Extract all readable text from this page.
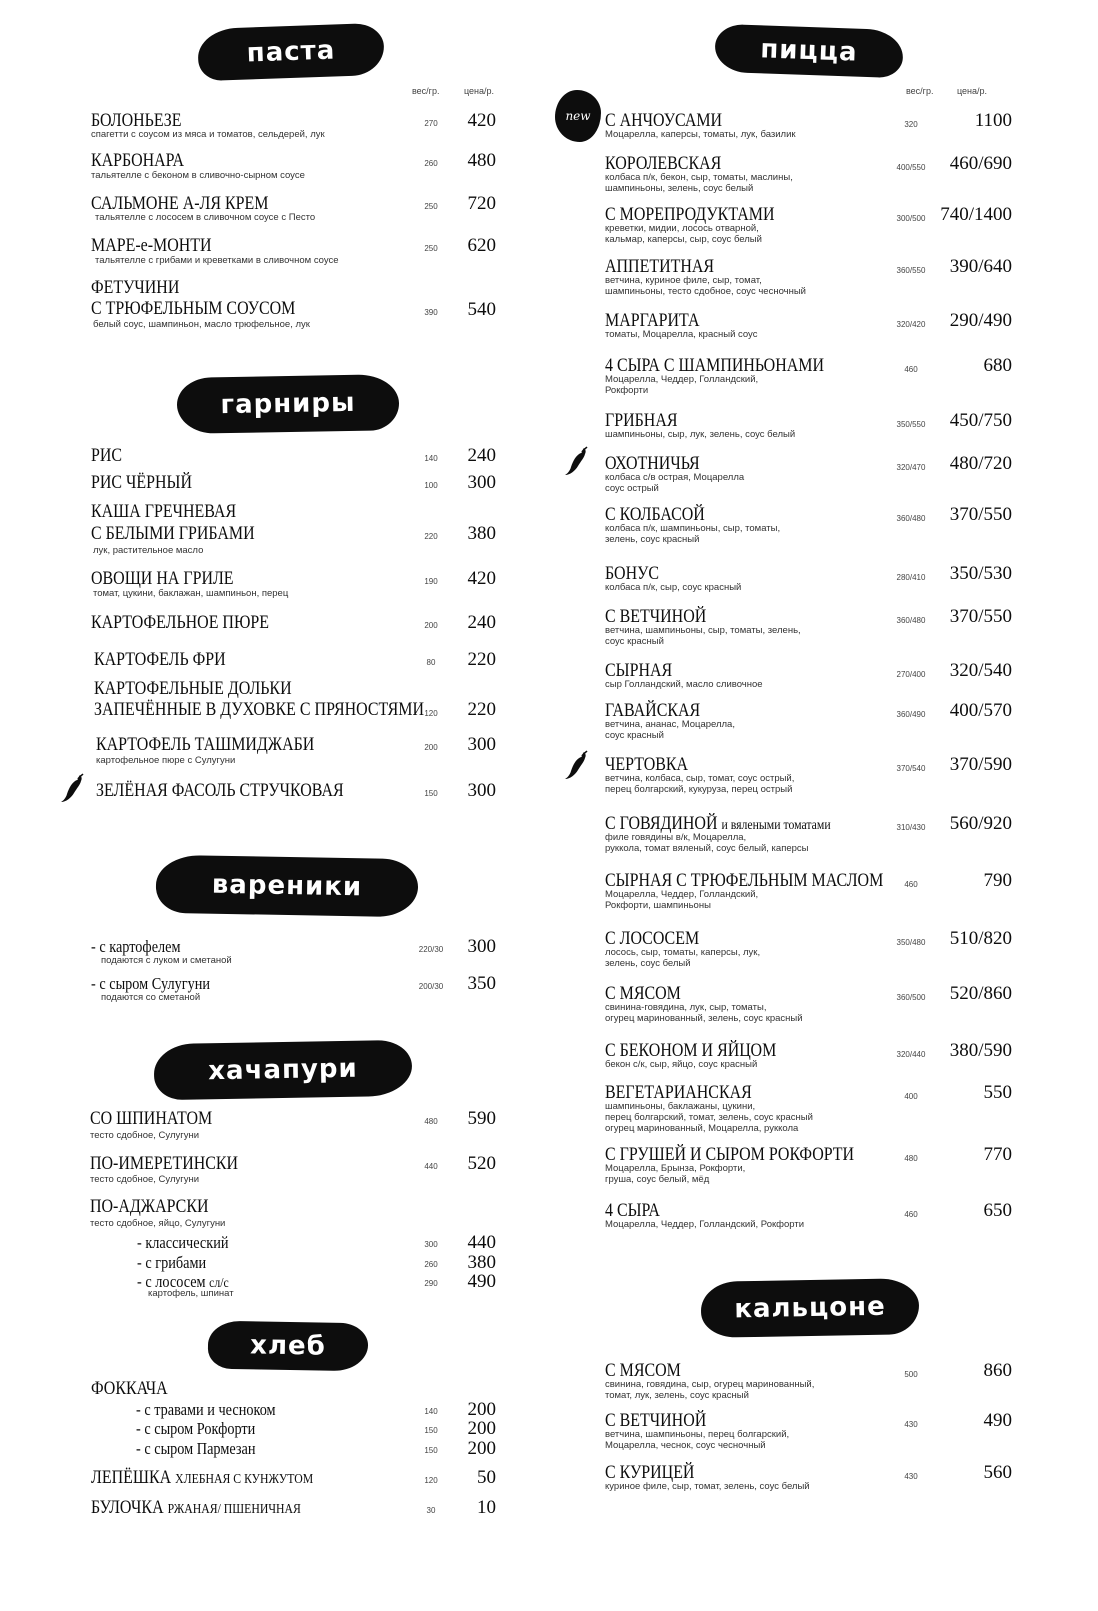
паста
вес/гр.	цена/р.
БОЛОНЬЕЗЕ
спагетти с соусом из мяса и томатов, сельдерей, лук
270	420
КАРБОНАРА
тальятелле с беконом в сливочно-сырном соусе
260	480
САЛЬМОНЕ А-ЛЯ КРЕМ
тальятелле с лососем в сливочном соусе с Песто
250	720
МАРЕ-е-МОНТИ
тальятелле с грибами и креветками в сливочном соусе
250	620
ФЕТУЧИНИ
С ТРЮФЕЛЬНЫМ СОУСОМ
белый соус, шампиньон, масло трюфельное, лук
390	540
гарниры
РИС	140	240
РИС ЧЁРНЫЙ	100	300
КАША ГРЕЧНЕВАЯ
С БЕЛЫМИ ГРИБАМИ
лук, растительное масло
220	380
ОВОЩИ НА ГРИЛЕ
томат, цукини, баклажан, шампиньон, перец
190	420
КАРТОФЕЛЬНОЕ ПЮРЕ	200	240
КАРТОФЕЛЬ ФРИ	80	220
КАРТОФЕЛЬНЫЕ ДОЛЬКИ
ЗАПЕЧЁННЫЕ В ДУХОВКЕ С ПРЯНОСТЯМИ 120	220
КАРТОФЕЛЬ ТАШМИДЖАБИ
картофельное пюре с Сулугуни
200	300
ЗЕЛЁНАЯ ФАСОЛЬ СТРУЧКОВАЯ	150	300
вареники
- с картофелем
подаются с луком и сметаной
220/30	300
- с сыром Сулугуни
подаются со сметаной
200/30	350
хачапури
СО ШПИНАТОМ
тесто сдобное, Сулугуни
480	590
ПО-ИМЕРЕТИНСКИ
тесто сдобное, Сулугуни
440	520
ПО-АДЖАРСКИ
тесто сдобное, яйцо, Сулугуни
- классический	300	440
- с грибами	260	380
- с лососем сл/с
картофель, шпинат
290	490
хлеб
ФОККАЧА
- с травами и чесноком	140	200
- с сыром Рокфорти	150	200
- с сыром Пармезан	150	200
ЛЕПЁШКА ХЛЕБНАЯ С КУНЖУТОМ	120	50
БУЛОЧКА РЖАНАЯ/ ПШЕНИЧНАЯ	30	10
пицца
вес/гр.	цена/р.
new С АНЧОУСАМИ
Моцарелла, каперсы, томаты, лук, базилик
320	1100
КОРОЛЕВСКАЯ
колбаса п/к, бекон, сыр, томаты, маслины,
шампиньоны, зелень, соус белый
400/550	460/690
С МОРЕПРОДУКТАМИ
креветки, мидии, лосось отварной,
кальмар, каперсы, сыр, соус белый
300/500 740/1400
АППЕТИТНАЯ
ветчина, куриное филе, сыр, томат,
шампиньоны, тесто сдобное, соус чесночный
360/550	390/640
МАРГАРИТА
томаты, Моцарелла, красный соус
320/420	290/490
4 СЫРА С ШАМПИНЬОНАМИ
Моцарелла, Чеддер, Голландский,
Рокфорти
460	680
ГРИБНАЯ
шампиньоны, сыр, лук, зелень, соус белый
350/550	450/750
ОХОТНИЧЬЯ
колбаса с/в острая, Моцарелла
соус острый
320/470	480/720
С КОЛБАСОЙ
колбаса п/к, шампиньоны, сыр, томаты,
зелень, соус красный
360/480	370/550
БОНУС
колбаса п/к, сыр, соус красный
280/410	350/530
С ВЕТЧИНОЙ
ветчина, шампиньоны, сыр, томаты, зелень,
соус красный
360/480	370/550
СЫРНАЯ
сыр Голландский, масло сливочное
270/400	320/540
ГАВАЙСКАЯ
ветчина, ананас, Моцарелла,
соус красный
360/490	400/570
ЧЕРТОВКА
ветчина, колбаса, сыр, томат, соус острый,
перец болгарский, кукуруза, перец острый
370/540	370/590
С ГОВЯДИНОЙ и вялеными томатами
филе говядины в/к, Моцарелла,
руккола, томат вяленый, соус белый, каперсы
310/430	560/920
СЫРНАЯ С ТРЮФЕЛЬНЫМ МАСЛОМ
Моцарелла, Чеддер, Голландский,
Рокфорти, шампиньоны
460	790
С ЛОСОСЕМ
лосось, сыр, томаты, каперсы, лук,
зелень, соус белый
350/480	510/820
С МЯСОМ
свинина-говядина, лук, сыр, томаты,
огурец маринованный, зелень, соус красный
360/500	520/860
С БЕКОНОМ И ЯЙЦОМ
бекон с/к, сыр, яйцо, соус красный
320/440	380/590
ВЕГЕТАРИАНСКАЯ
шампиньоны, баклажаны, цукини,
перец болгарский, томат, зелень, соус красный
огурец маринованный, Моцарелла, руккола
400	550
С ГРУШЕЙ И СЫРОМ РОКФОРТИ
Моцарелла, Брынза, Рокфорти,
груша, соус белый, мёд
480	770
4 СЫРА
Моцарелла, Чеддер, Голландский, Рокфорти
460	650
кальцоне
С МЯСОМ
свинина, говядина, сыр, огурец маринованный,
томат, лук, зелень, соус красный
500	860
С ВЕТЧИНОЙ
ветчина, шампиньоны, перец болгарский,
Моцарелла, чеснок, соус чесночный
430	490
С КУРИЦЕЙ
куриное филе, сыр, томат, зелень, соус белый
430	560
